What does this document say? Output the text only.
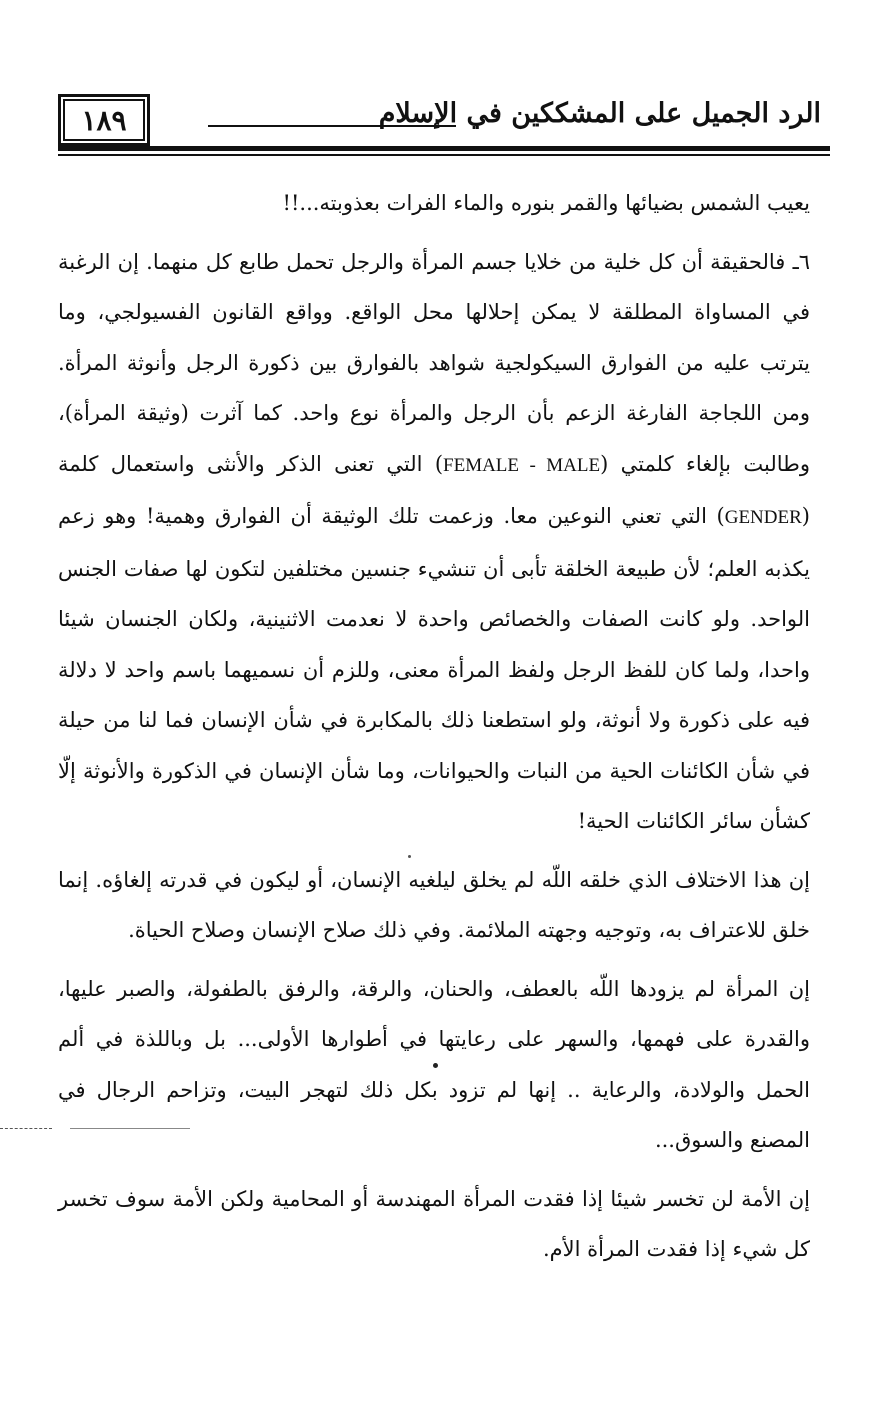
١٨٩	الرد الجميل على المشككين في الإسلام

يعيب الشمس بضيائها والقمر بنوره والماء الفرات بعذوبته...!!

٦ـ فالحقيقة أن كل خلية من خلايا جسم المرأة والرجل تحمل طابع كل منهما. إن الرغبة في المساواة المطلقة لا يمكن إحلالها محل الواقع. وواقع القانون الفسيولجي، وما يترتب عليه من الفوارق السيكولجية شواهد بالفوارق بين ذكورة الرجل وأنوثة المرأة. ومن اللجاجة الفارغة الزعم بأن الرجل والمرأة نوع واحد. كما آثرت (وثيقة المرأة)، وطالبت بإلغاء كلمتي (FEMALE - MALE) التي تعنى الذكر والأنثى واستعمال كلمة (GENDER) التي تعني النوعين معا. وزعمت تلك الوثيقة أن الفوارق وهمية! وهو زعم يكذبه العلم؛ لأن طبيعة الخلقة تأبى أن تنشيء جنسين مختلفين لتكون لها صفات الجنس الواحد. ولو كانت الصفات والخصائص واحدة لا نعدمت الاثنينية، ولكان الجنسان شيئا واحدا، ولما كان للفظ الرجل ولفظ المرأة معنى، وللزم أن نسميهما باسم واحد لا دلالة فيه على ذكورة ولا أنوثة، ولو استطعنا ذلك بالمكابرة في شأن الإنسان فما لنا من حيلة في شأن الكائنات الحية من النبات والحيوانات، وما شأن الإنسان في الذكورة والأنوثة إلّا كشأن سائر الكائنات الحية!

إن هذا الاختلاف الذي خلقه اللّه لم يخلق ليلغيه الإنسان، أو ليكون في قدرته إلغاؤه. إنما خلق للاعتراف به، وتوجيه وجهته الملائمة. وفي ذلك صلاح الإنسان وصلاح الحياة.

إن المرأة لم يزودها اللّه بالعطف، والحنان، والرقة، والرفق بالطفولة، والصبر عليها، والقدرة على فهمها، والسهر على رعايتها في أطوارها الأولى... بل وباللذة في ألم الحمل والولادة، والرعاية .. إنها لم تزود بكل ذلك لتهجر البيت، وتزاحم الرجال في المصنع والسوق...

إن الأمة لن تخسر شيئا إذا فقدت المرأة المهندسة أو المحامية ولكن الأمة سوف تخسر كل شيء إذا فقدت المرأة الأم.
